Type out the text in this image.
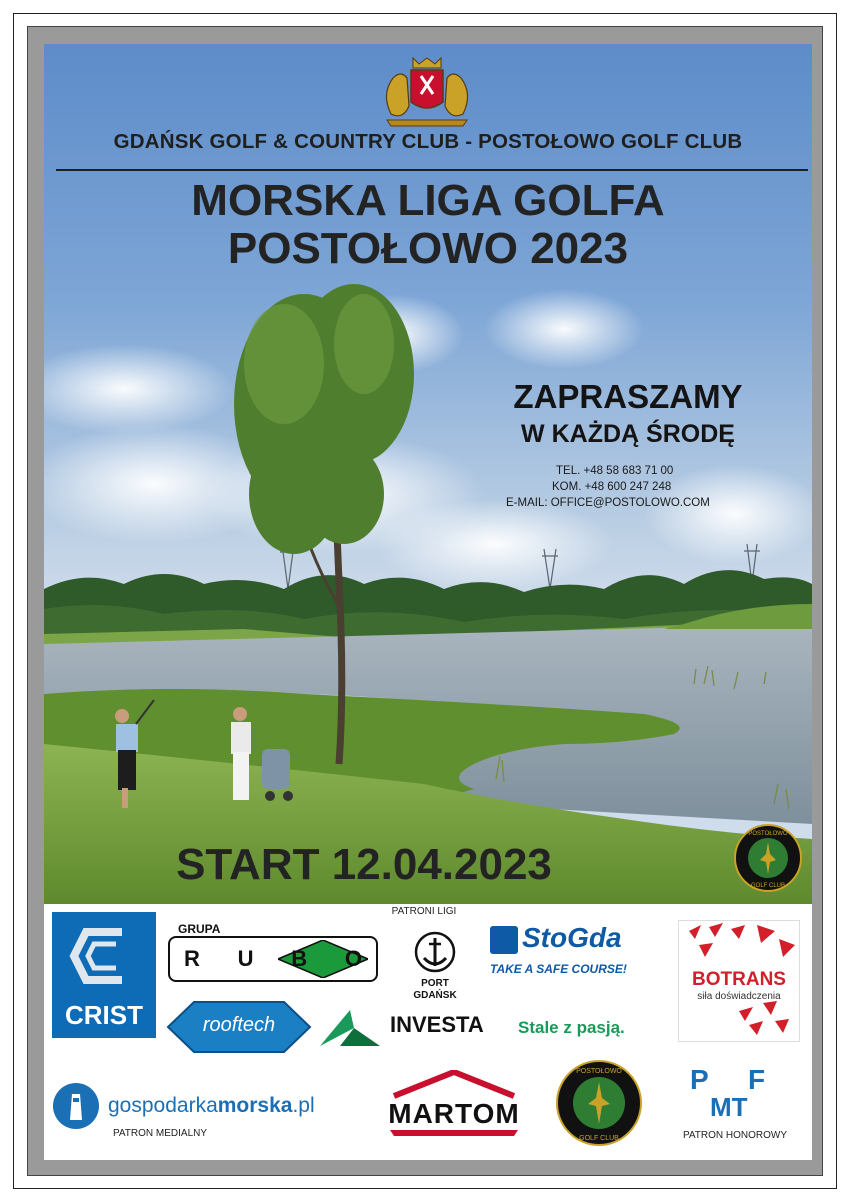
GDAŃSK GOLF & COUNTRY CLUB - POSTOŁOWO GOLF CLUB
MORSKA LIGA GOLFA
POSTOŁOWO 2023
ZAPRASZAMY
W KAŻDĄ ŚRODĘ
TEL. +48 58 683 71 00
KOM. +48 600 247 248
E-MAIL: OFFICE@POSTOLOWO.COM
START 12.04.2023
POSTOŁOWO
GOLF CLUB
PATRONI LIGI
CRIST
GRUPA
R U B O
PORT
GDAŃSK
StoGda
TAKE A SAFE COURSE!	BOTRANS
siła doświadczenia
rooftech	INVESTA Stale z pasją.
gospodarkamorska.pl
PATRON MEDIALNY
MARTOM
POSTOŁOWO
GOLF CLUB
P F
MT
PATRON HONOROWY
